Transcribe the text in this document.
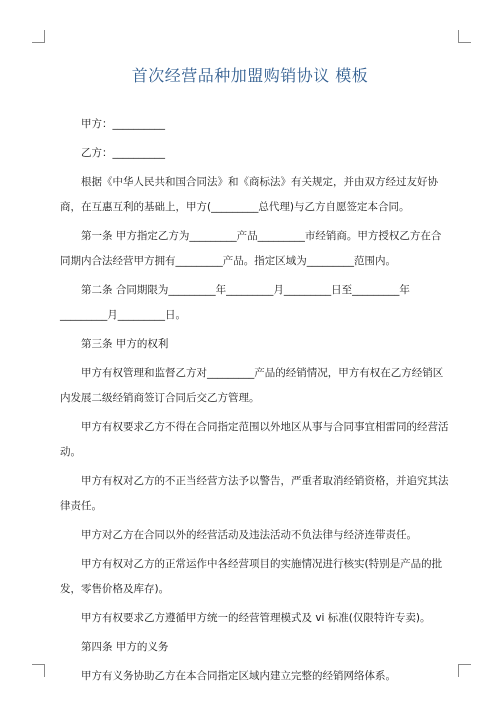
首次经营品种加盟购销协议 模板

甲方：__________

乙方：__________

根据《中华人民共和国合同法》和《商标法》有关规定，并由双方经过友好协商，在互惠互利的基础上，甲方(_________总代理)与乙方自愿签定本合同。

第一条 甲方指定乙方为_________产品_________市经销商。甲方授权乙方在合同期内合法经营甲方拥有_________产品。指定区域为_________范围内。

第二条 合同期限为_________年_________月_________日至_________年_________月_________日。

第三条 甲方的权利

甲方有权管理和监督乙方对_________产品的经销情况，甲方有权在乙方经销区内发展二级经销商签订合同后交乙方管理。

甲方有权要求乙方不得在合同指定范围以外地区从事与合同事宜相雷同的经营活动。

甲方有权对乙方的不正当经营方法予以警告，严重者取消经销资格，并追究其法律责任。

甲方对乙方在合同以外的经营活动及违法活动不负法律与经济连带责任。

甲方有权对乙方的正常运作中各经营项目的实施情况进行核实(特别是产品的批发，零售价格及库存)。

甲方有权要求乙方遵循甲方统一的经营管理模式及 vi 标准(仅限特许专卖)。

第四条 甲方的义务

甲方有义务协助乙方在本合同指定区域内建立完整的经销网络体系。
